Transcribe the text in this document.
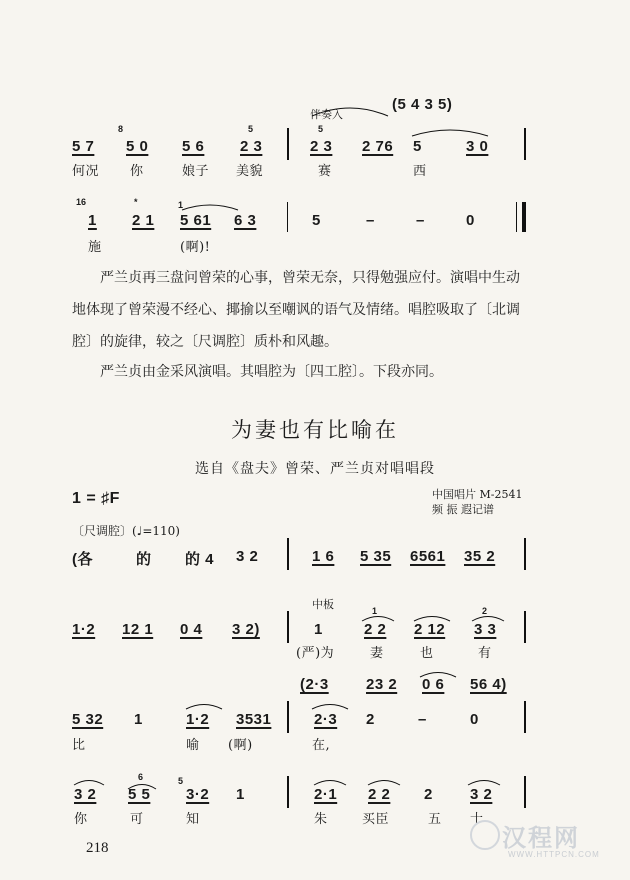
伴奏入
(5 4 3 5)
8	5	5
5 7 5 0 5 6 2 3	2 3 2 76 5	3 0
何况 你	娘子 美貌	赛	西
16	*	1
1 2 1 5 61 6 3	5	–	–	0
施	(啊)!
严兰贞再三盘问曾荣的心事，曾荣无奈，只得勉强应付。演唱中生动地体现了曾荣漫不经心、揶揄以至嘲讽的语气及情绪。唱腔吸取了〔北调腔〕的旋律，较之〔尺调腔〕质朴和风趣。
严兰贞由金采风演唱。其唱腔为〔四工腔〕。下段亦同。
为妻也有比喻在
选自《盘夫》曾荣、严兰贞对唱唱段
1 = ♯F	中国唱片 M-2541
频 振 遐记谱
〔尺调腔〕(♩=110)
(各	的 的 4 3 2	1 6 5 35 6561 35 2
中板	1	2
1·2 12 1 0 4 3 2)	1	2 2 2 12 3 3
(严)为	妻	也	有
(2·3 23 2 0 6 56 4)
5 32 1	1·2 3531	2·3 2	–	0
比	喻 (啊)	在,
6	5
3 2 5 5 3·2 1	2·1 2 2 2 3 2
你	可	知	朱	买臣	五 十
218	汉程网
WWW.HTTPCN.COM
